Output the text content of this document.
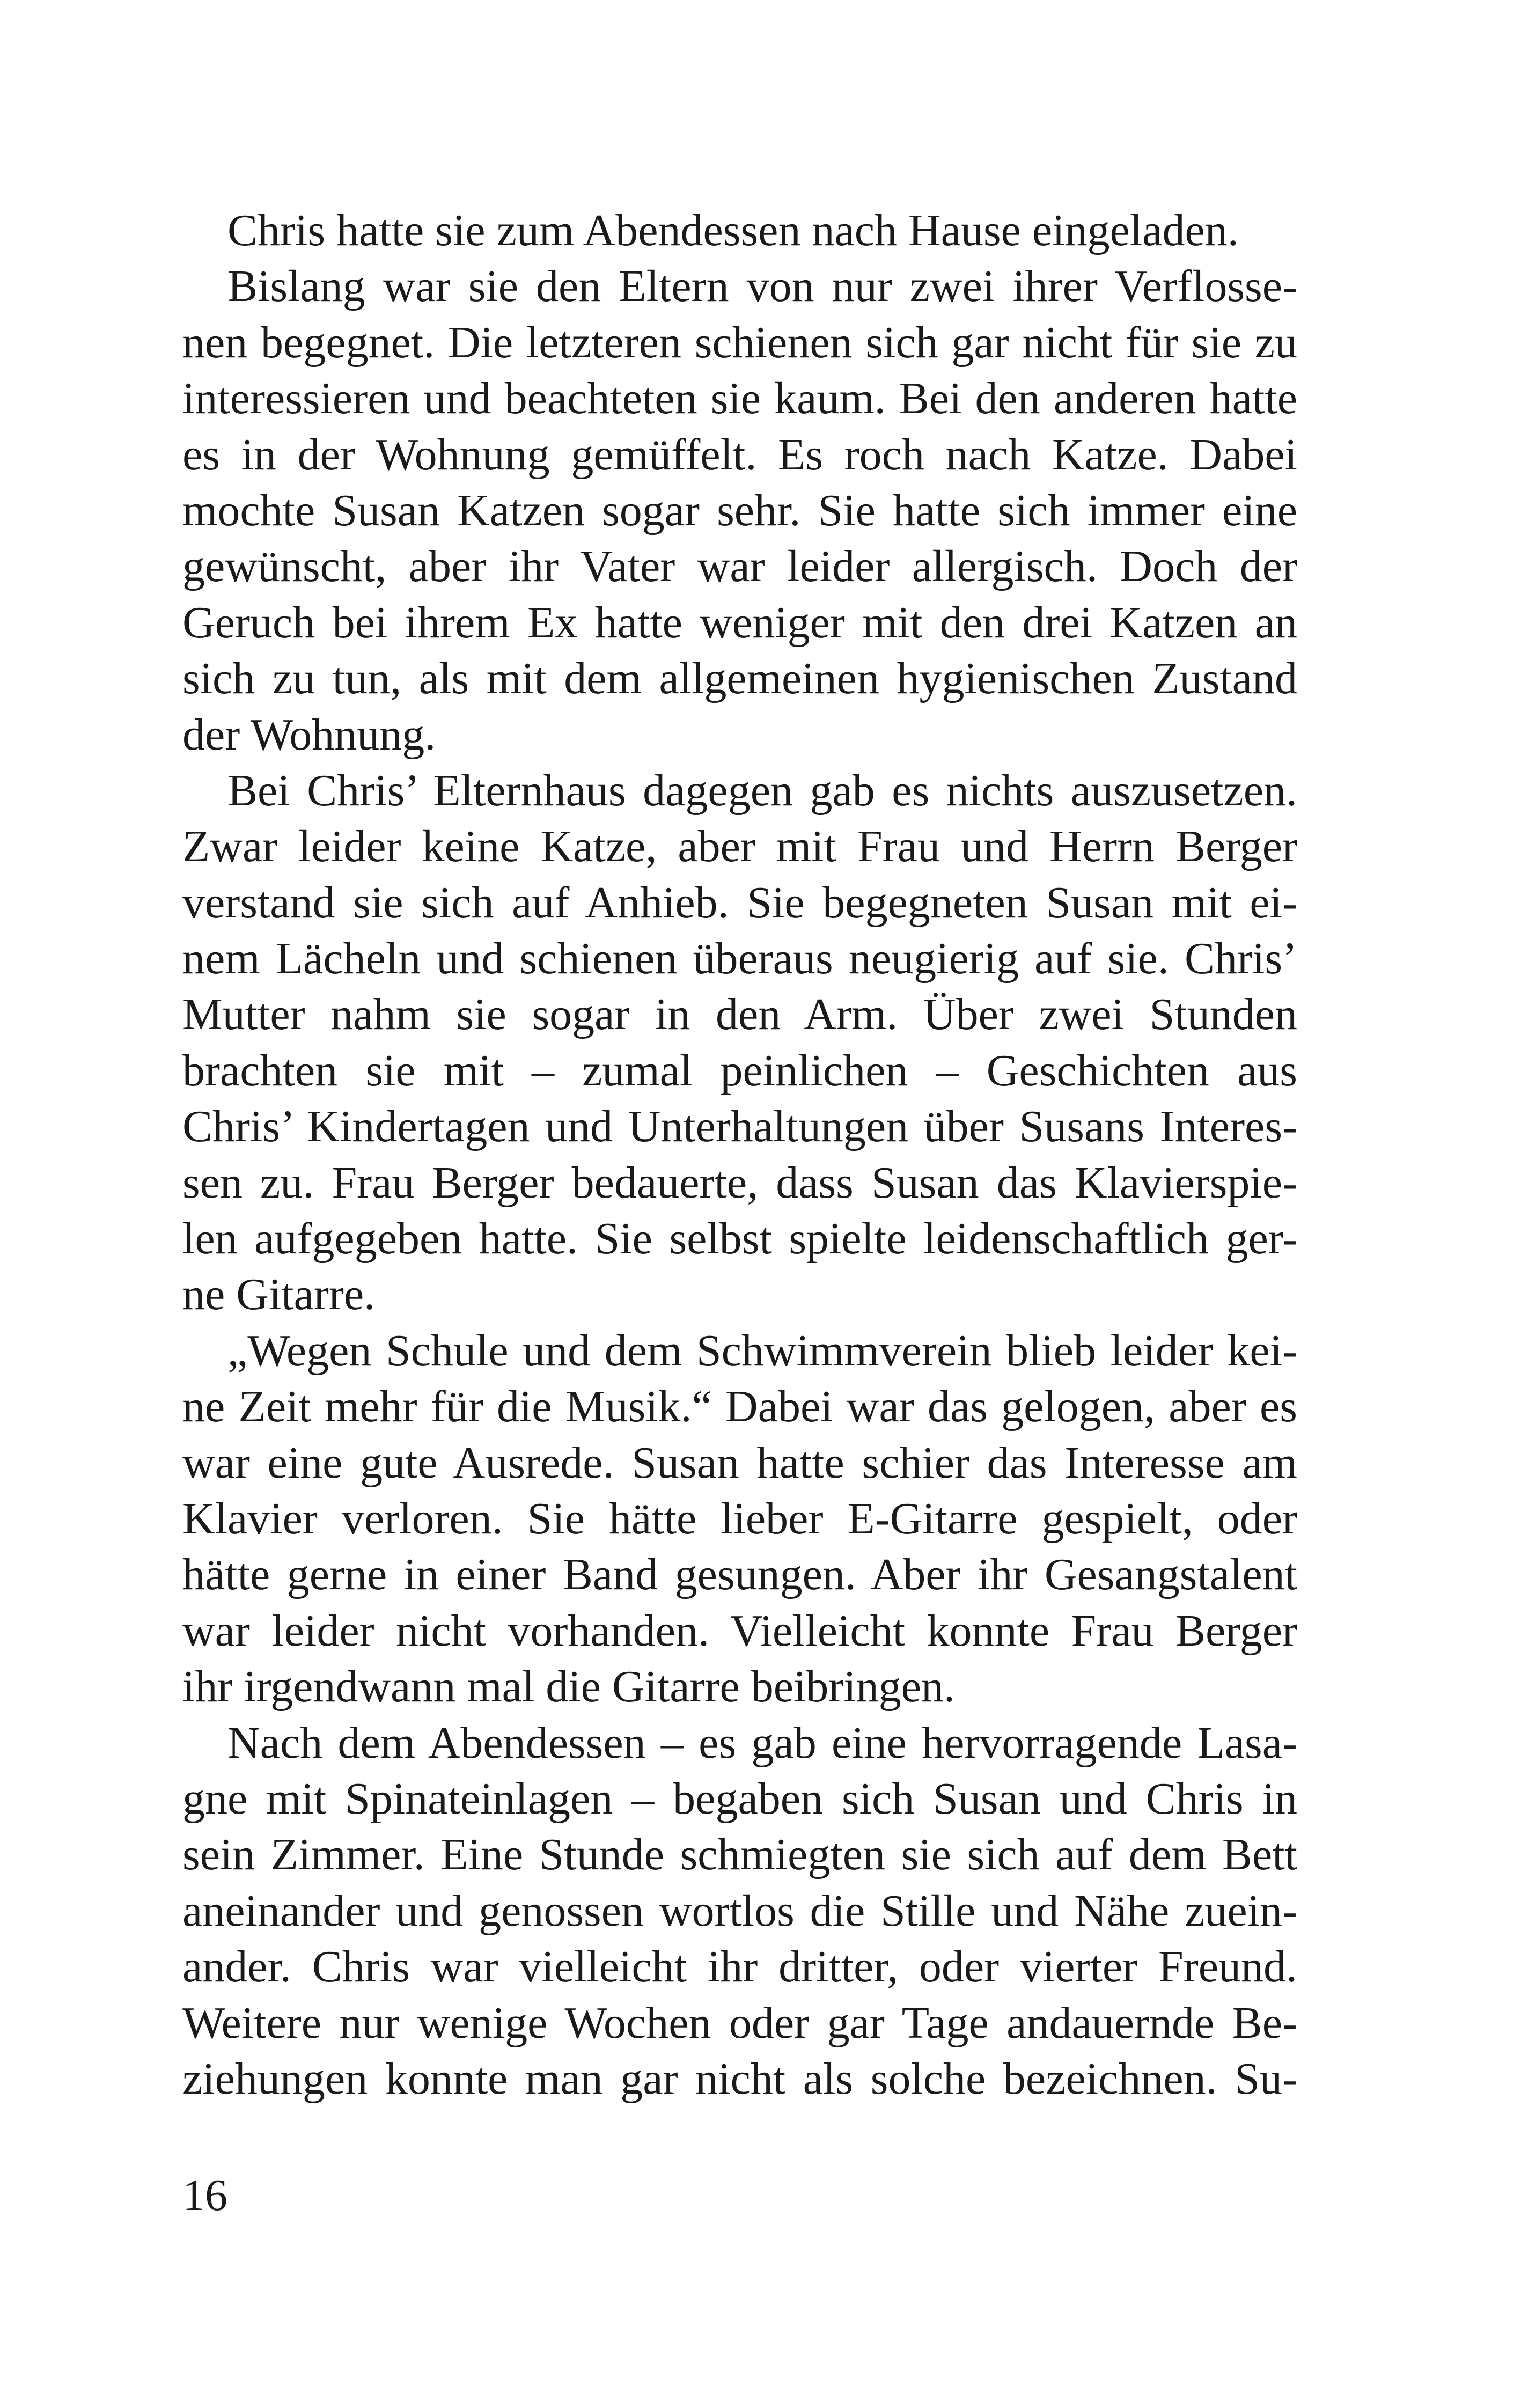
Chris hatte sie zum Abendessen nach Hause eingeladen.
Bislang war sie den Eltern von nur zwei ihrer Verflosse-
nen begegnet. Die letzteren schienen sich gar nicht für sie zu
interessieren und beachteten sie kaum. Bei den anderen hatte
es in der Wohnung gemüffelt. Es roch nach Katze. Dabei
mochte Susan Katzen sogar sehr. Sie hatte sich immer eine
gewünscht, aber ihr Vater war leider allergisch. Doch der
Geruch bei ihrem Ex hatte weniger mit den drei Katzen an
sich zu tun, als mit dem allgemeinen hygienischen Zustand
der Wohnung.
Bei Chris’ Elternhaus dagegen gab es nichts auszusetzen.
Zwar leider keine Katze, aber mit Frau und Herrn Berger
verstand sie sich auf Anhieb. Sie begegneten Susan mit ei-
nem Lächeln und schienen überaus neugierig auf sie. Chris’
Mutter nahm sie sogar in den Arm. Über zwei Stunden
brachten sie mit – zumal peinlichen – Geschichten aus
Chris’ Kindertagen und Unterhaltungen über Susans Interes-
sen zu. Frau Berger bedauerte, dass Susan das Klavierspie-
len aufgegeben hatte. Sie selbst spielte leidenschaftlich ger-
ne Gitarre.
„Wegen Schule und dem Schwimmverein blieb leider kei-
ne Zeit mehr für die Musik.“ Dabei war das gelogen, aber es
war eine gute Ausrede. Susan hatte schier das Interesse am
Klavier verloren. Sie hätte lieber E-Gitarre gespielt, oder
hätte gerne in einer Band gesungen. Aber ihr Gesangstalent
war leider nicht vorhanden. Vielleicht konnte Frau Berger
ihr irgendwann mal die Gitarre beibringen.
Nach dem Abendessen – es gab eine hervorragende Lasa-
gne mit Spinateinlagen – begaben sich Susan und Chris in
sein Zimmer. Eine Stunde schmiegten sie sich auf dem Bett
aneinander und genossen wortlos die Stille und Nähe zuein-
ander. Chris war vielleicht ihr dritter, oder vierter Freund.
Weitere nur wenige Wochen oder gar Tage andauernde Be-
ziehungen konnte man gar nicht als solche bezeichnen. Su-
16
